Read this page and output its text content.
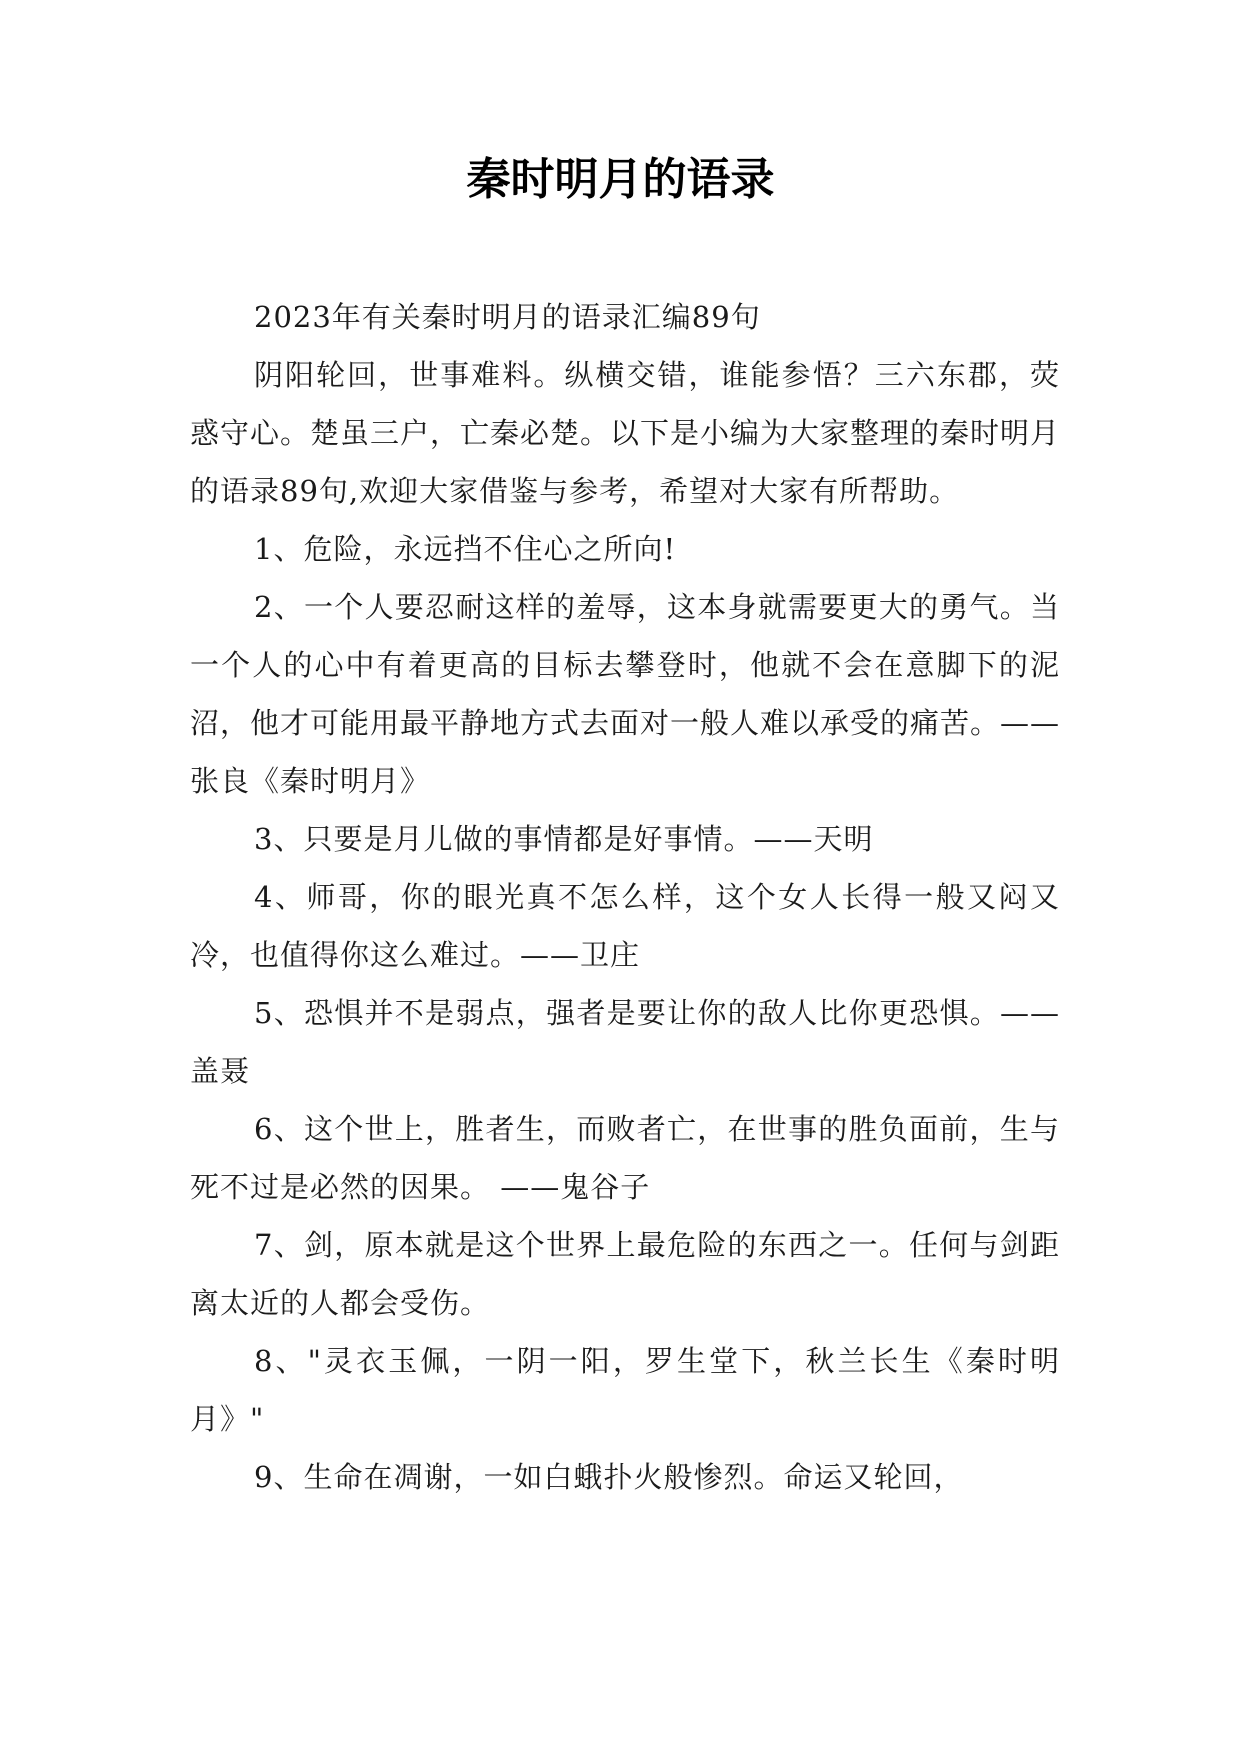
秦时明月的语录

2023年有关秦时明月的语录汇编89句

阴阳轮回，世事难料。纵横交错，谁能参悟？三六东郡，荧惑守心。楚虽三户，亡秦必楚。以下是小编为大家整理的秦时明月的语录89句,欢迎大家借鉴与参考，希望对大家有所帮助。

1、危险，永远挡不住心之所向!

2、一个人要忍耐这样的羞辱，这本身就需要更大的勇气。当一个人的心中有着更高的目标去攀登时，他就不会在意脚下的泥沼，他才可能用最平静地方式去面对一般人难以承受的痛苦。——张良《秦时明月》

3、只要是月儿做的事情都是好事情。——天明

4、师哥，你的眼光真不怎么样，这个女人长得一般又闷又冷，也值得你这么难过。——卫庄

5、恐惧并不是弱点，强者是要让你的敌人比你更恐惧。——盖聂

6、这个世上，胜者生，而败者亡，在世事的胜负面前，生与死不过是必然的因果。 ——鬼谷子

7、剑，原本就是这个世界上最危险的东西之一。任何与剑距离太近的人都会受伤。

8、"灵衣玉佩，一阴一阳，罗生堂下，秋兰长生《秦时明月》"

9、生命在凋谢，一如白蛾扑火般惨烈。命运又轮回，
